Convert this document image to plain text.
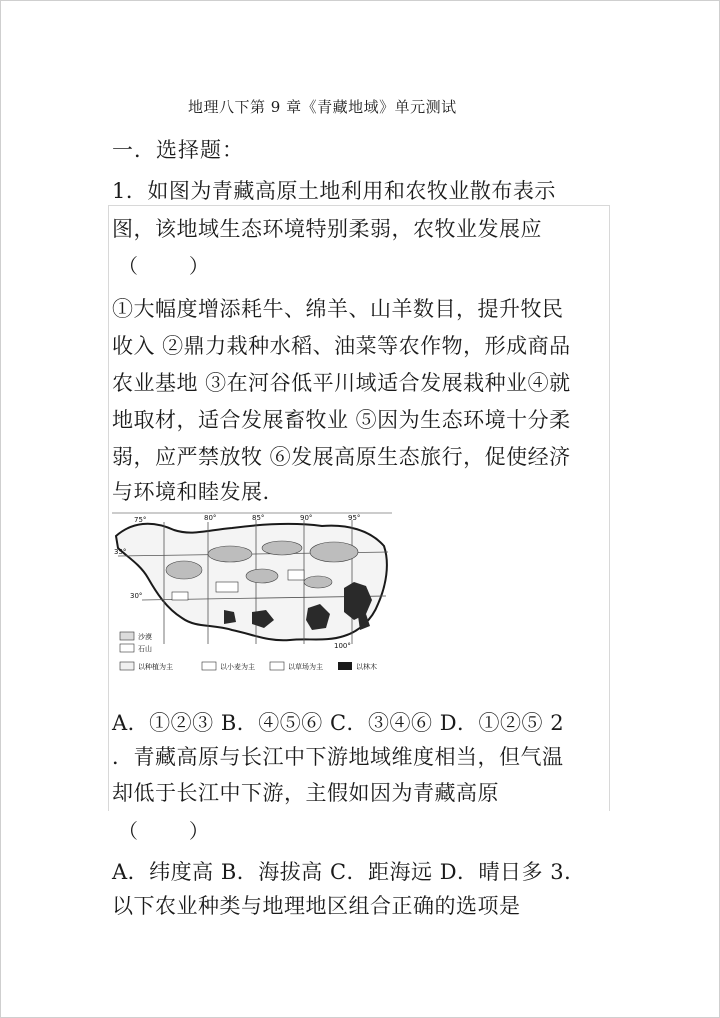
地理八下第 9 章《青藏地域》单元测试
一．选择题：
1．如图为青藏高原土地利用和农牧业散布表示
图，该地域生态环境特别柔弱，农牧业发展应
（        ）
①大幅度增添耗牛、绵羊、山羊数目，提升牧民
收入 ②鼎力栽种水稻、油菜等农作物，形成商品
农业基地 ③在河谷低平川域适合发展栽种业④就
地取材，适合发展畜牧业 ⑤因为生态环境十分柔
弱，应严禁放牧 ⑥发展高原生态旅行，促使经济
与环境和睦发展.
75°	80°	85°	90°	95°
100°
35°
30°
沙漠
石山
以种植为主	以小麦为主	以草场为主	以林木
A．①②③ B．④⑤⑥ C．③④⑥ D．①②⑤ 2
．青藏高原与长江中下游地域维度相当，但气温
却低于长江中下游，主假如因为青藏高原
（        ）
A．纬度高 B．海拔高 C．距海远 D．晴日多 3．
以下农业种类与地理地区组合正确的选项是
